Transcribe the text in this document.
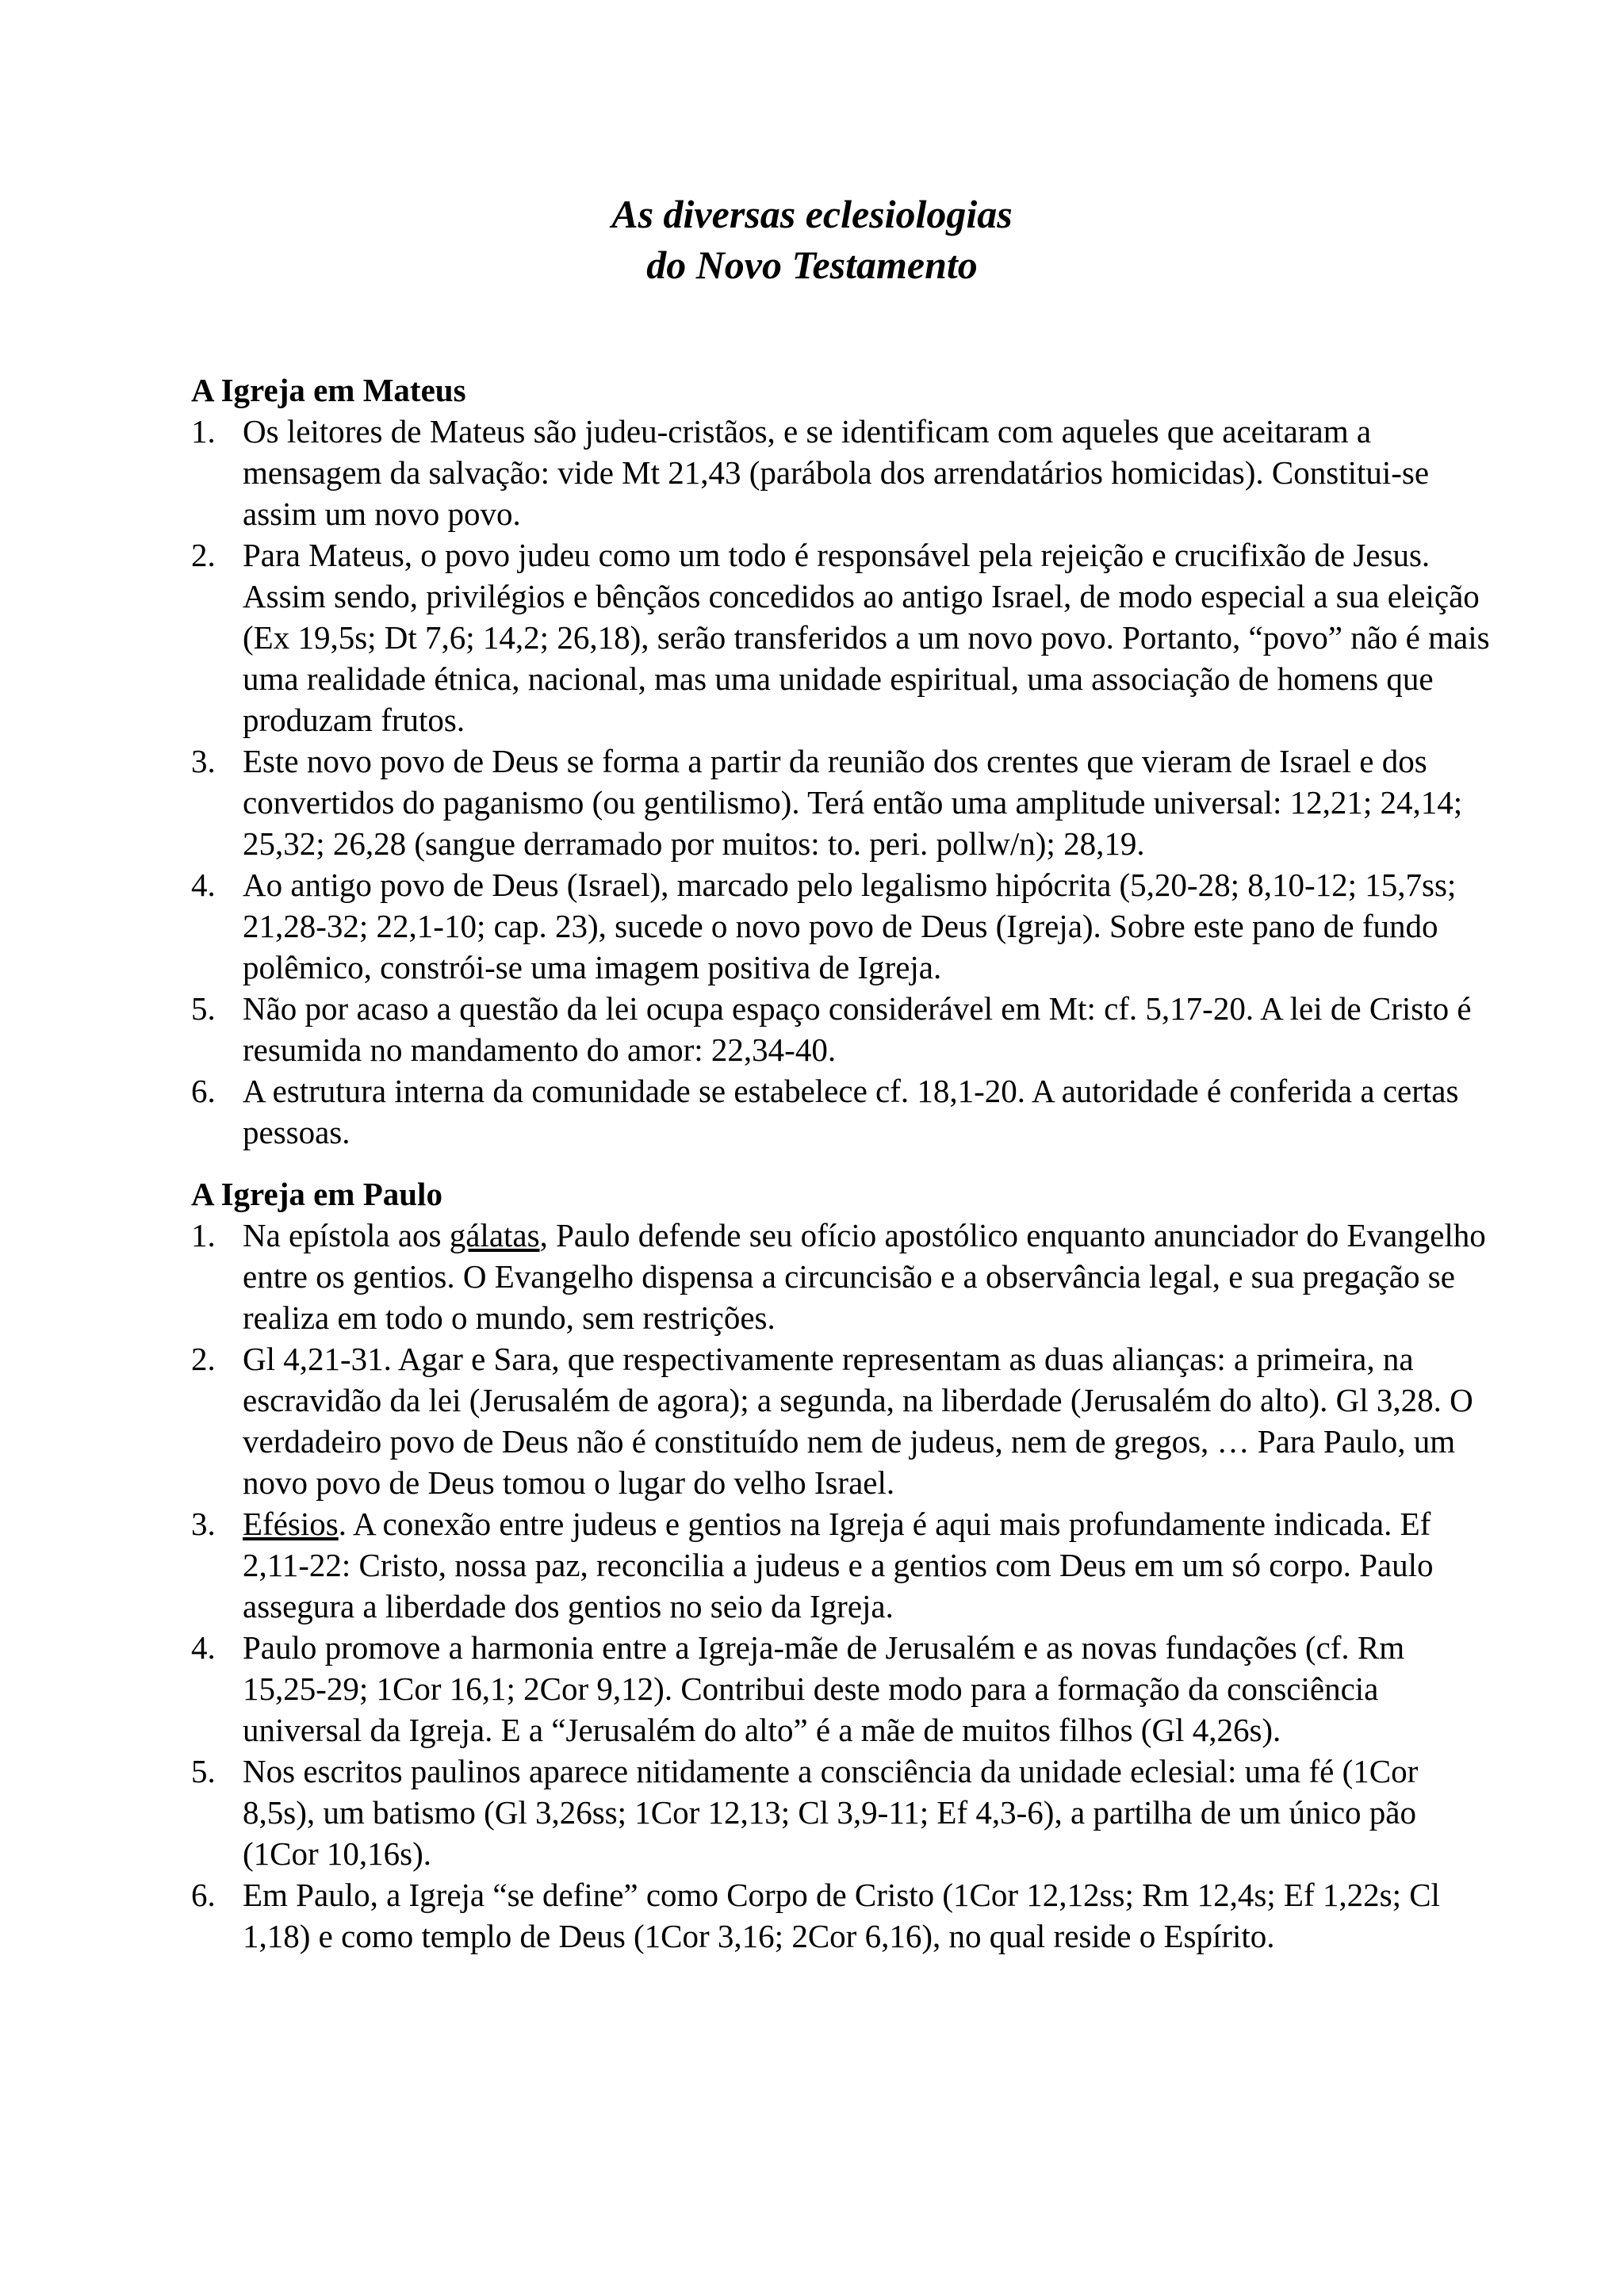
As diversas eclesiologias
do Novo Testamento
A Igreja em Mateus
1. Os leitores de Mateus são judeu-cristãos, e se identificam com aqueles que aceitaram a mensagem da salvação: vide Mt 21,43 (parábola dos arrendatários homicidas). Constitui-se assim um novo povo.
2. Para Mateus, o povo judeu como um todo é responsável pela rejeição e crucifixão de Jesus. Assim sendo, privilégios e bênçãos concedidos ao antigo Israel, de modo especial a sua eleição (Ex 19,5s; Dt 7,6; 14,2; 26,18), serão transferidos a um novo povo. Portanto, “povo” não é mais uma realidade étnica, nacional, mas uma unidade espiritual, uma associação de homens que produzam frutos.
3. Este novo povo de Deus se forma a partir da reunião dos crentes que vieram de Israel e dos convertidos do paganismo (ou gentilismo). Terá então uma amplitude universal: 12,21; 24,14; 25,32; 26,28 (sangue derramado por muitos: to. peri. pollw/n); 28,19.
4. Ao antigo povo de Deus (Israel), marcado pelo legalismo hipócrita (5,20-28; 8,10-12; 15,7ss; 21,28-32; 22,1-10; cap. 23), sucede o novo povo de Deus (Igreja). Sobre este pano de fundo polêmico, constrói-se uma imagem positiva de Igreja.
5. Não por acaso a questão da lei ocupa espaço considerável em Mt: cf. 5,17-20. A lei de Cristo é resumida no mandamento do amor: 22,34-40.
6. A estrutura interna da comunidade se estabelece cf. 18,1-20. A autoridade é conferida a certas pessoas.
A Igreja em Paulo
1. Na epístola aos gálatas, Paulo defende seu ofício apostólico enquanto anunciador do Evangelho entre os gentios. O Evangelho dispensa a circuncisão e a observância legal, e sua pregação se realiza em todo o mundo, sem restrições.
2. Gl 4,21-31. Agar e Sara, que respectivamente representam as duas alianças: a primeira, na escravidão da lei (Jerusalém de agora); a segunda, na liberdade (Jerusalém do alto). Gl 3,28. O verdadeiro povo de Deus não é constituído nem de judeus, nem de gregos, … Para Paulo, um novo povo de Deus tomou o lugar do velho Israel.
3. Efésios. A conexão entre judeus e gentios na Igreja é aqui mais profundamente indicada. Ef 2,11-22: Cristo, nossa paz, reconcilia a judeus e a gentios com Deus em um só corpo. Paulo assegura a liberdade dos gentios no seio da Igreja.
4. Paulo promove a harmonia entre a Igreja-mãe de Jerusalém e as novas fundações (cf. Rm 15,25-29; 1Cor 16,1; 2Cor 9,12). Contribui deste modo para a formação da consciência universal da Igreja. E a “Jerusalém do alto” é a mãe de muitos filhos (Gl 4,26s).
5. Nos escritos paulinos aparece nitidamente a consciência da unidade eclesial: uma fé (1Cor 8,5s), um batismo (Gl 3,26ss; 1Cor 12,13; Cl 3,9-11; Ef 4,3-6), a partilha de um único pão (1Cor 10,16s).
6. Em Paulo, a Igreja “se define” como Corpo de Cristo (1Cor 12,12ss; Rm 12,4s; Ef 1,22s; Cl 1,18) e como templo de Deus (1Cor 3,16; 2Cor 6,16), no qual reside o Espírito.
